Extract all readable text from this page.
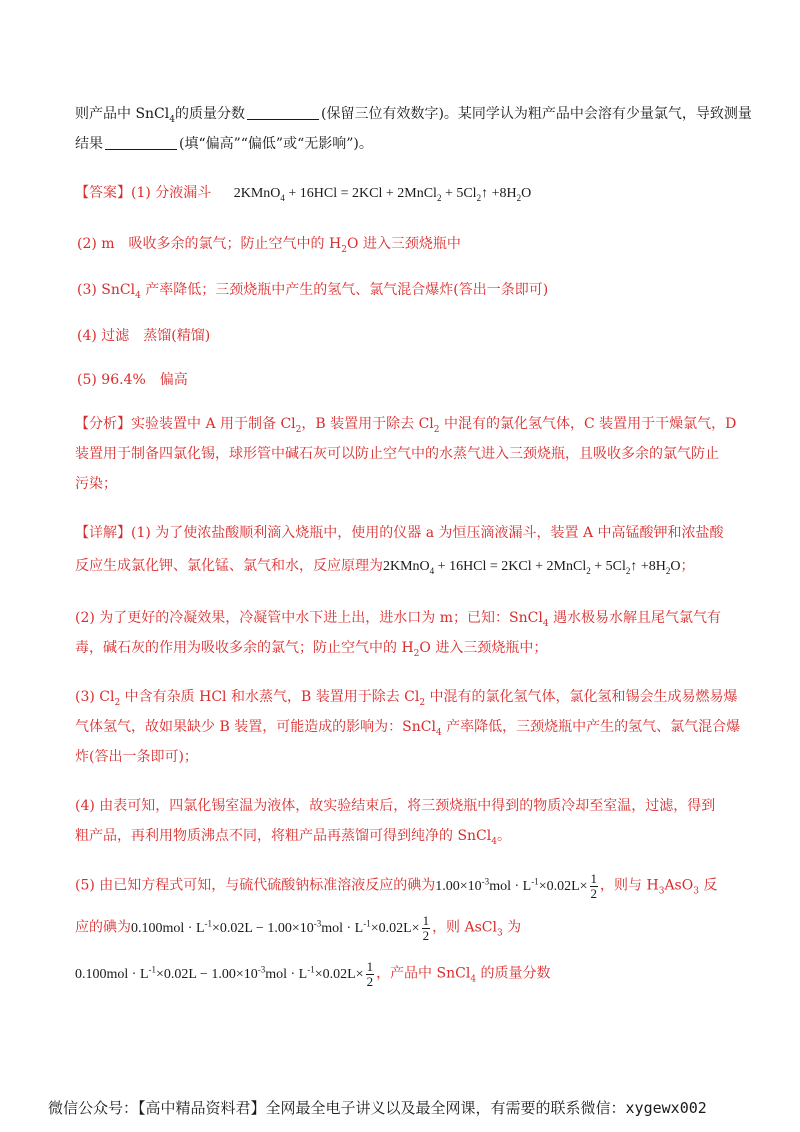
则产品中 SnCl$_4$的质量分数	(保留三位有效数字)。某同学认为粗产品中会溶有少量氯气，导致测量
结果	(填“偏高”“偏低”或“无影响”)。
【答案】(1) 分液漏斗 2KMnO$_4$ + 16HCl = 2KCl + 2MnCl$_2$ + $5Cl_2↑ +8H_2O$
(2) m　吸收多余的氯气；防止空气中的 $H_2O$ 进入三颈烧瓶中
(3) SnCl$_4$ 产率降低；三颈烧瓶中产生的氢气、氯气混合爆炸(答出一条即可)
(4) 过滤　蒸馏(精馏)
(5) 96.4%　偏高
【分析】实验装置中 A 用于制备 $Cl_2$，B 装置用于除去 $Cl_2$ 中混有的氯化氢气体，C 装置用于干燥氯气，D
装置用于制备四氯化锡，球形管中碱石灰可以防止空气中的水蒸气进入三颈烧瓶，且吸收多余的氯气防止
污染；
【详解】(1) 为了使浓盐酸顺利滴入烧瓶中，使用的仪器 a 为恒压滴液漏斗，装置 A 中高锰酸钾和浓盐酸
反应生成氯化钾、氯化锰、氯气和水，反应原理为2KMnO$_4$ + 16HCl = 2KCl + 2MnCl$_2$ + $5Cl_2↑ +8H_2O$；
(2) 为了更好的冷凝效果，冷凝管中水下进上出，进水口为 m；已知：SnCl$_4$ 遇水极易水解且尾气氯气有
毒，碱石灰的作用为吸收多余的氯气；防止空气中的 $H_2O$ 进入三颈烧瓶中；
(3) $Cl_2$ 中含有杂质 HCl 和水蒸气，B 装置用于除去 $Cl_2$ 中混有的氯化氢气体，氯化氢和锡会生成易燃易爆
气体氢气，故如果缺少 B 装置，可能造成的影响为：SnCl$_4$ 产率降低，三颈烧瓶中产生的氢气、氯气混合爆
炸(答出一条即可)；
(4) 由表可知，四氯化锡室温为液体，故实验结束后，将三颈烧瓶中得到的物质冷却至室温，过滤，得到
粗产品，再利用物质沸点不同，将粗产品再蒸馏可得到纯净的 SnCl$_4$。
(5) 由已知方程式可知，与硫代硫酸钠标准溶液反应的碘为$1.00\times 10^{-3}mol \cdot L^{-1}\times 0.02L\times \frac{1}{2}$ ，则与 $H_3AsO_3$ 反
应的碘为$0.100mol \cdot L^{-1}\times 0.02L - 1.00\times 10^{-3}mol \cdot L^{-1}\times 0.02L\times \frac{1}{2}$ ，则 AsCl$_3$ 为
$0.100mol \cdot L^{-1}\times 0.02L - 1.00\times 10^{-3}mol \cdot L^{-1}\times 0.02L\times \frac{1}{2}$ ，产品中 SnCl$_4$ 的质量分数
微信公众号：【高中精品资料君】全网最全电子讲义以及最全网课，有需要的联系微信：xygewx002
